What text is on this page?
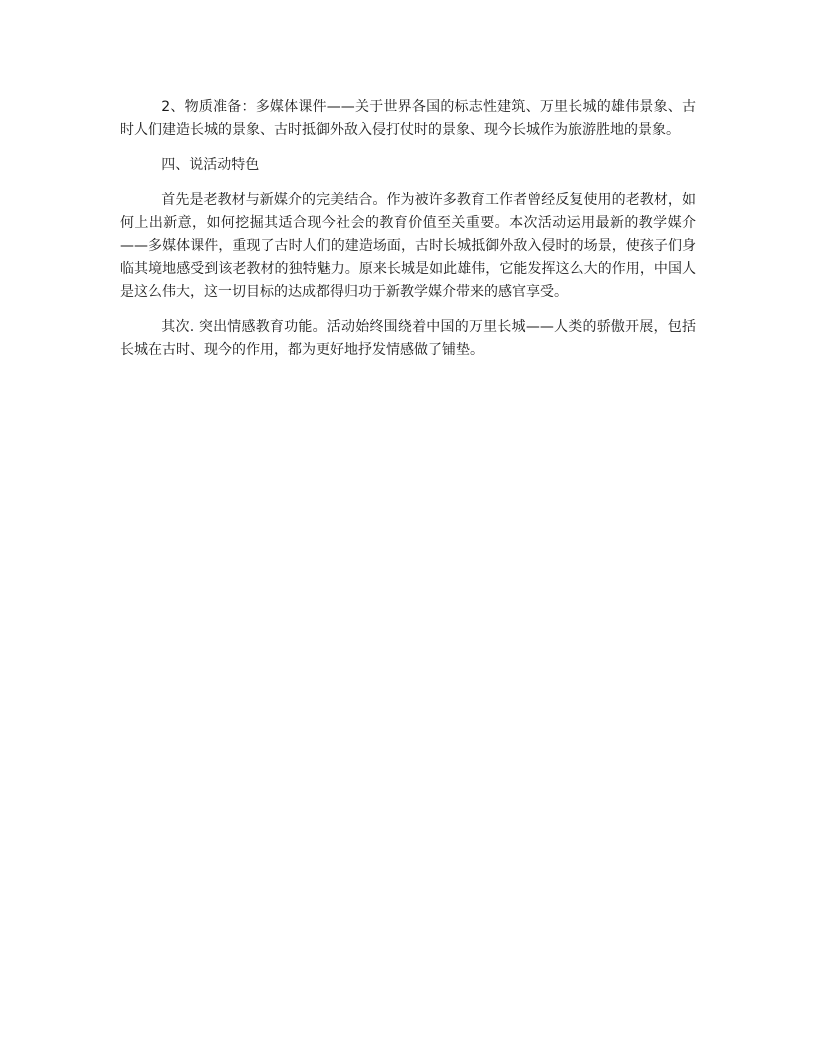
2、物质准备：多媒体课件——关于世界各国的标志性建筑、万里长城的雄伟景象、古时人们建造长城的景象、古时抵御外敌入侵打仗时的景象、现今长城作为旅游胜地的景象。

四、说活动特色

首先是老教材与新媒介的完美结合。作为被许多教育工作者曾经反复使用的老教材，如何上出新意，如何挖掘其适合现今社会的教育价值至关重要。本次活动运用最新的教学媒介——多媒体课件，重现了古时人们的建造场面，古时长城抵御外敌入侵时的场景，使孩子们身临其境地感受到该老教材的独特魅力。原来长城是如此雄伟，它能发挥这么大的作用，中国人是这么伟大，这一切目标的达成都得归功于新教学媒介带来的感官享受。

其次. 突出情感教育功能。活动始终围绕着中国的万里长城——人类的骄傲开展，包括长城在古时、现今的作用，都为更好地抒发情感做了铺垫。
